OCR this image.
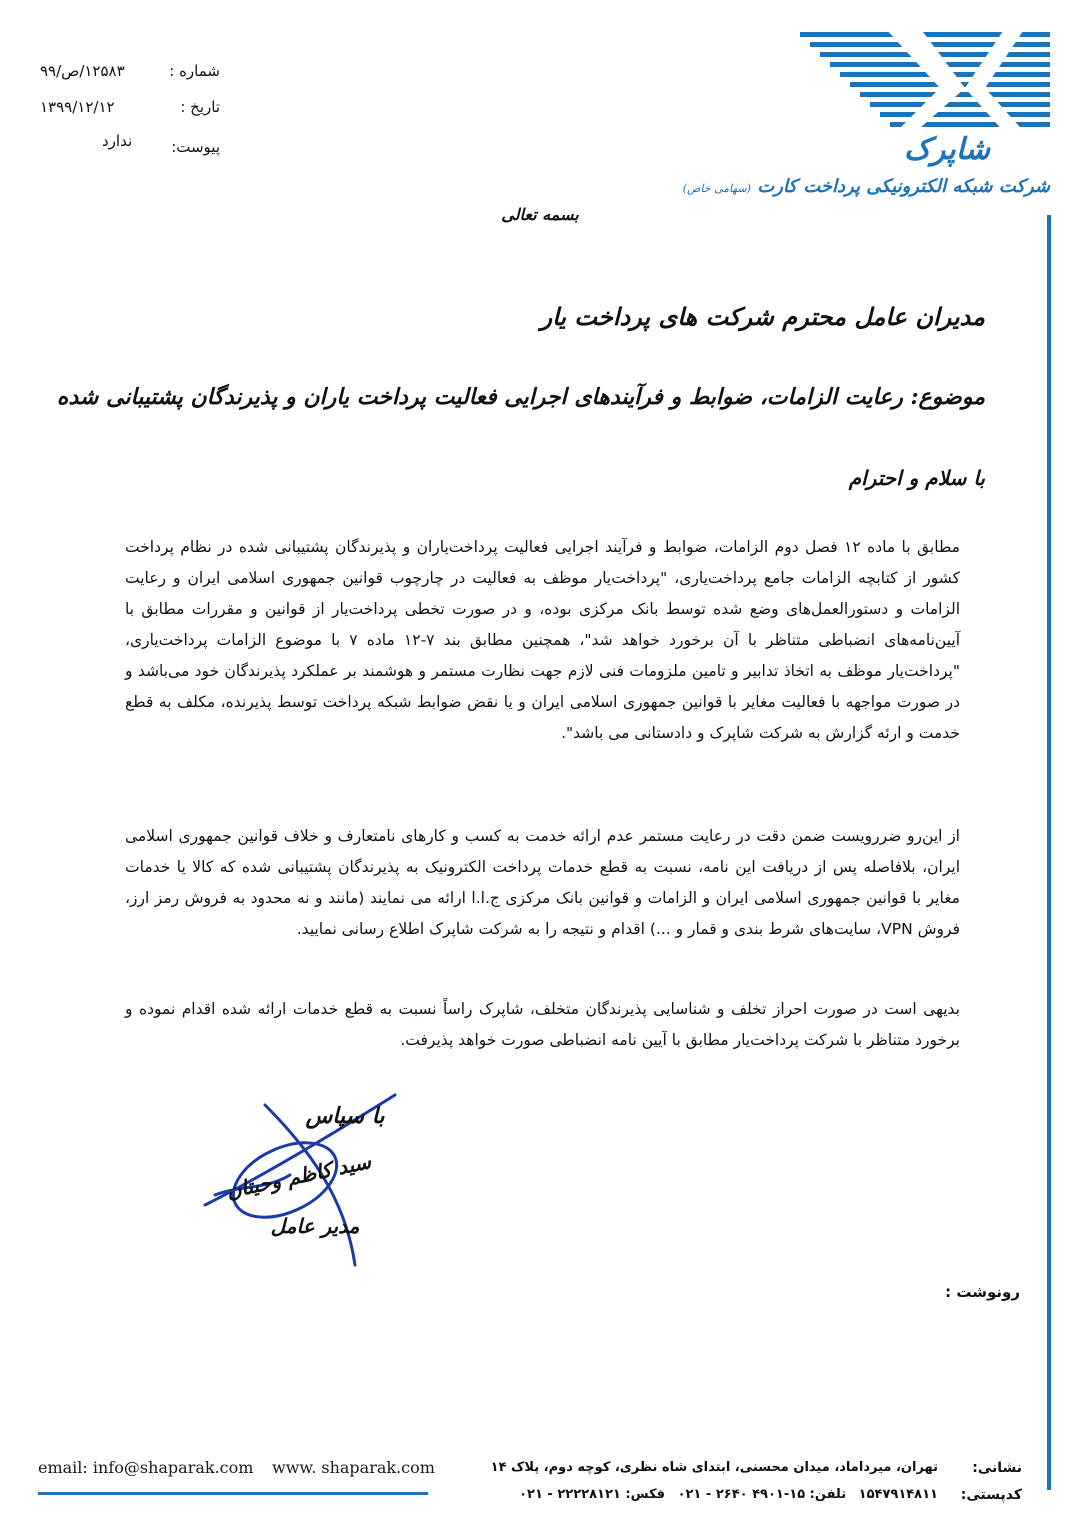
شماره :
۱۲۵۸۳/ص/۹۹
تاریخ :
۱۳۹۹/۱۲/۱۲
پیوست:
ندارد	شاپرک
شرکت شبکه الکترونیکی پرداخت کارت (سهامی خاص)
بسمه تعالی
مدیران عامل محترم شرکت های پرداخت یار
موضوع: رعایت الزامات، ضوابط و فرآیندهای اجرایی فعالیت پرداخت یاران و پذیرندگان پشتیبانی شده
با سلام و احترام

مطابق با ماده ۱۲ فصل دوم الزامات، ضوابط و فرآیند اجرایی فعالیت پرداخت‌یاران و پذیرندگان پشتیبانی شده در نظام پرداخت کشور از کتابچه الزامات جامع پرداخت‌یاری، "پرداخت‌یار موظف به فعالیت در چارچوب قوانین جمهوری اسلامی ایران و رعایت الزامات و دستورالعمل‌های وضع شده توسط بانک مرکزی بوده، و در صورت تخطی پرداخت‌یار از قوانین و مقررات مطابق با آیین‌نامه‌های انضباطی متناظر با آن برخورد خواهد شد"، همچنین مطابق بند ۷-۱۲ ماده ۷ با موضوع الزامات پرداخت‌یاری، "پرداخت‌یار موظف به اتخاذ تدابیر و تامین ملزومات فنی لازم جهت نظارت مستمر و هوشمند بر عملکرد پذیرندگان خود می‌باشد و در صورت مواجهه با فعالیت مغایر با قوانین جمهوری اسلامی ایران و یا نقض ضوابط شبکه پرداخت توسط پذیرنده، مکلف به قطع خدمت و ارئه گزارش به شرکت شاپرک و دادستانی می باشد".

از این‌رو ضررویست ضمن دقت در رعایت مستمر عدم ارائه خدمت به کسب و کارهای نامتعارف و خلاف قوانین جمهوری اسلامی ایران، بلافاصله پس از دریافت این نامه، نسبت به قطع خدمات پرداخت الکترونیک به پذیرندگان پشتیبانی شده که کالا یا خدمات مغایر با قوانین جمهوری اسلامی ایران و الزامات و قوانین بانک مرکزی ج.ا.ا ارائه می نمایند (مانند و نه محدود به فروش رمز ارز، فروش VPN، سایت‌های شرط بندی و قمار و ...) اقدام و نتیجه را به شرکت شاپرک اطلاع رسانی نمایید.

بدیهی است در صورت احراز تخلف و شناسایی پذیرندگان متخلف، شاپرک راساً نسبت به قطع خدمات ارائه شده اقدام نموده و برخورد متناظر با شرکت پرداخت‌یار مطابق با آیین نامه انضباطی صورت خواهد پذیرفت.

با سپاس
سید کاظم وحیتان
مدیر عامل
رونوشت :
email: info@shaparak.com www. shaparak.com	نشانی:
تهران، میرداماد، میدان محسنی، ابتدای شاه نظری، کوچه دوم، پلاک ۱۴
کدپستی:
۱۵۴۷۹۱۴۸۱۱ تلفن: ۱۵-۴۹۰۱ ۲۶۴۰ - ۰۲۱ فکس: ۲۲۲۲۸۱۲۱ - ۰۲۱
